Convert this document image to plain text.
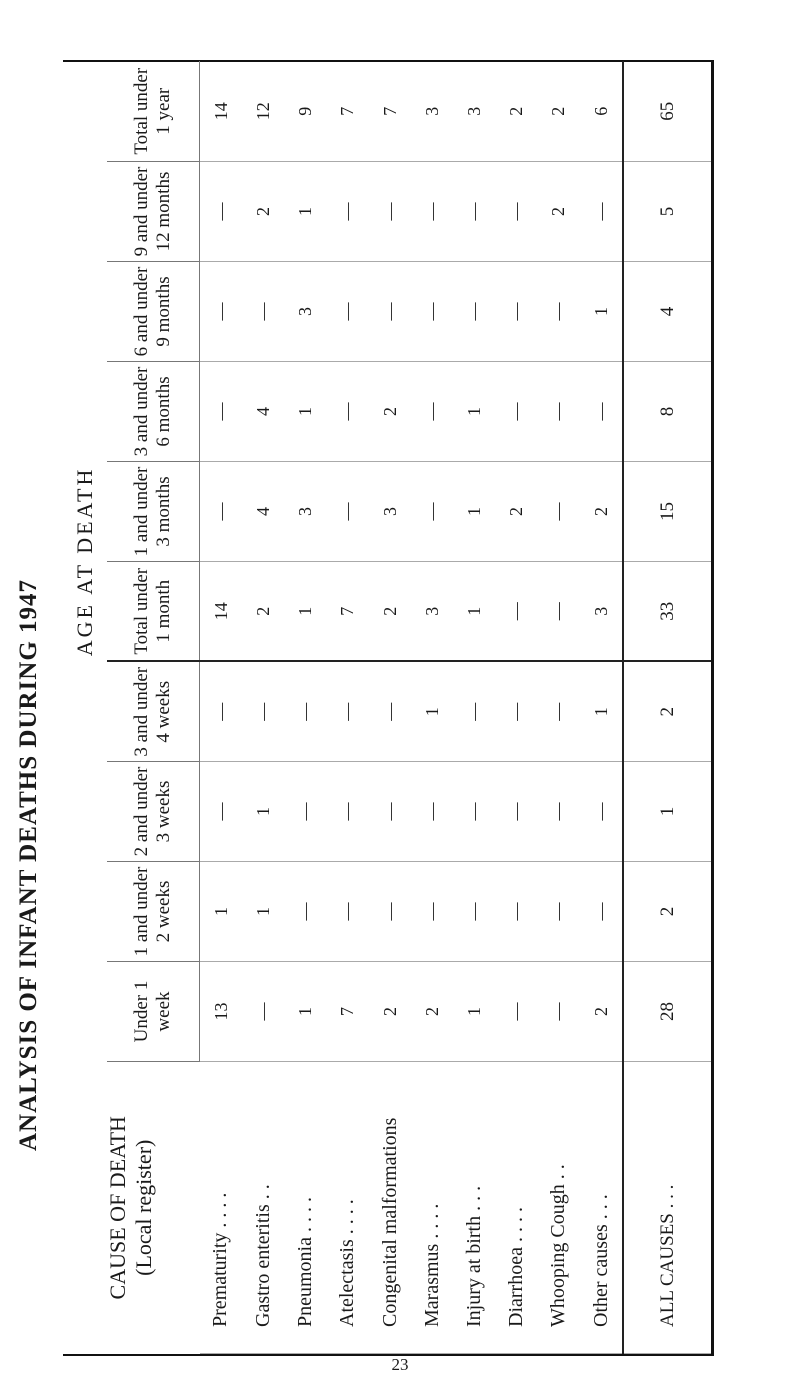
ANALYSIS OF INFANT DEATHS DURING 1947
CAUSE OF DEATH (Local register)	AGE AT DEATH									
	Under 1 week	1 and under 2 weeks	2 and under 3 weeks	3 and under 4 weeks	Total under 1 month	1 and under 3 months	3 and under 6 months	6 and under 9 months	9 and under 12 months	Total under 1 year
Prematurity . . . .	13	1	—	—	14	—	—	—	—	14
Gastro enteritis . .	—	1	1	—	2	4	4	—	2	12
Pneumonia . . . .	1	—	—	—	1	3	1	3	1	9
Atelectasis . . . .	7	—	—	—	7	—	—	—	—	7
Congenital malformations	2	—	—	—	2	3	2	—	—	7
Marasmus . . . .	2	—	—	1	3	—	—	—	—	3
Injury at birth . . .	1	—	—	—	1	1	1	—	—	3
Diarrhoea . . . .	—	—	—	—	—	2	—	—	—	2
Whooping Cough . .	—	—	—	—	—	—	—	—	2	2
Other causes . . .	2	—	—	1	3	2	—	1	—	6
ALL CAUSES . . .	28	2	1	2	33	15	8	4	5	65
23
